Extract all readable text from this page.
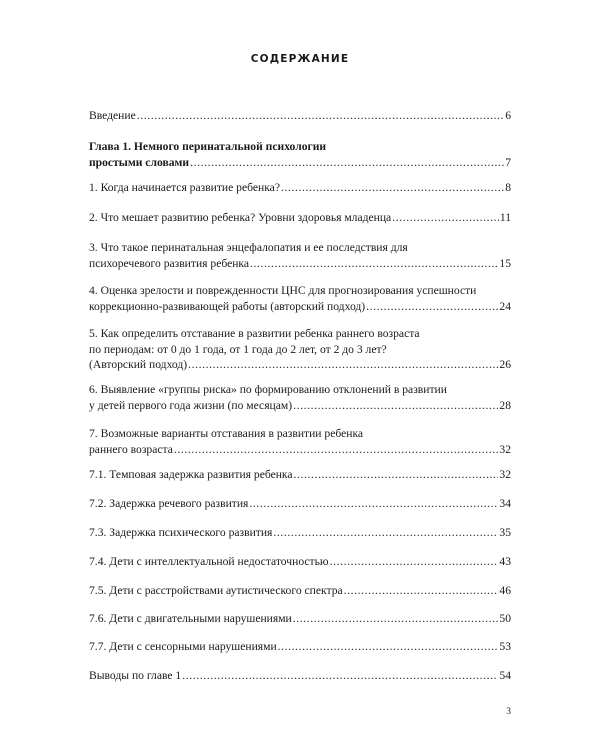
СОДЕРЖАНИЕ
Введение .....	6
Глава 1. Немного перинатальной психологии
простыми словами .....	7
1. Когда начинается развитие ребенка? .....	8
2. Что мешает развитию ребенка? Уровни здоровья младенца .....	11
3. Что такое перинатальная энцефалопатия и ее последствия для
психоречевого развития ребенка .....	15
4. Оценка зрелости и поврежденности ЦНС для прогнозирования успешности
коррекционно-развивающей работы (авторский подход) .....	24
5. Как определить отставание в развитии ребенка раннего возраста
по периодам: от 0 до 1 года, от 1 года до 2 лет, от 2 до 3 лет?
(Авторский подход) .....	26
6. Выявление «группы риска» по формированию отклонений в развитии
у детей первого года жизни (по месяцам) .....	28
7. Возможные варианты отставания в развитии ребенка
раннего возраста .....	32
7.1. Темповая задержка развития ребенка .....	32
7.2. Задержка речевого развития .....	34
7.3. Задержка психического развития .....	35
7.4. Дети с интеллектуальной недостаточностью .....	43
7.5. Дети с расстройствами аутистического спектра .....	46
7.6. Дети с двигательными нарушениями .....	50
7.7. Дети с сенсорными нарушениями .....	53
Выводы по главе 1 .....	54
3
